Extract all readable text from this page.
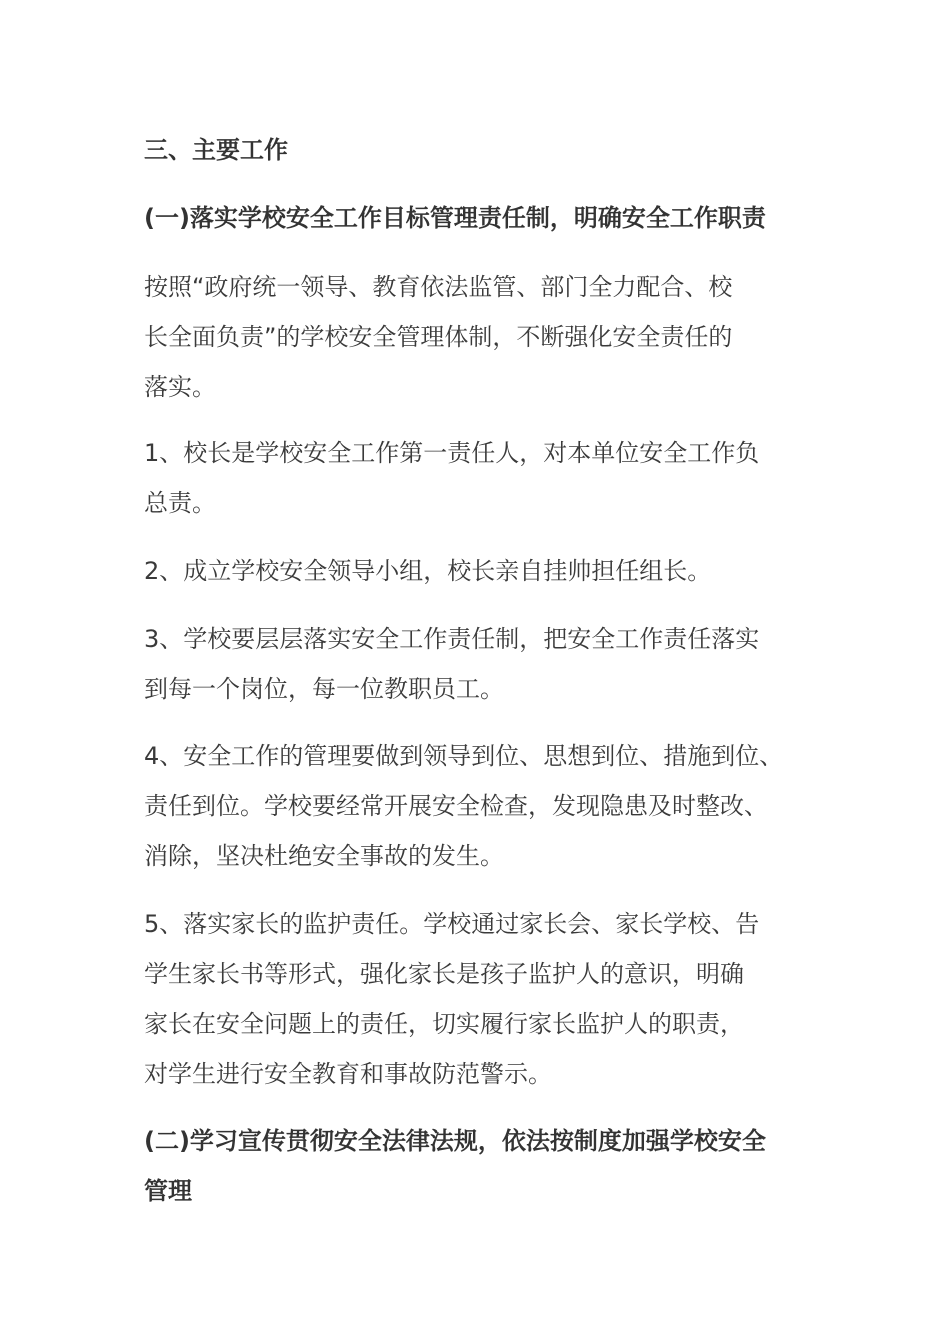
三、主要工作
(一)落实学校安全工作目标管理责任制，明确安全工作职责
按照“政府统一领导、教育依法监管、部门全力配合、校
长全面负责”的学校安全管理体制，不断强化安全责任的
落实。
1、校长是学校安全工作第一责任人，对本单位安全工作负
总责。
2、成立学校安全领导小组，校长亲自挂帅担任组长。
3、学校要层层落实安全工作责任制，把安全工作责任落实
到每一个岗位，每一位教职员工。
4、安全工作的管理要做到领导到位、思想到位、措施到位、
责任到位。学校要经常开展安全检查，发现隐患及时整改、
消除，坚决杜绝安全事故的发生。
5、落实家长的监护责任。学校通过家长会、家长学校、告
学生家长书等形式，强化家长是孩子监护人的意识，明确
家长在安全问题上的责任，切实履行家长监护人的职责，
对学生进行安全教育和事故防范警示。
(二)学习宣传贯彻安全法律法规，依法按制度加强学校安全
管理
